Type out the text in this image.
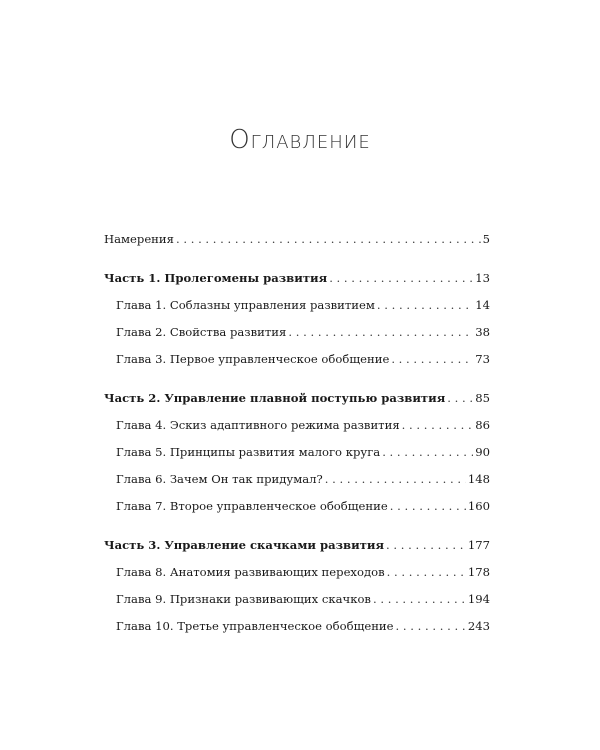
Оглавление
Намерения . . .	5
Часть 1. Пролегомены развития . . .	13
Глава 1. Соблазны управления развитием . . .	14
Глава 2. Свойства развития . . .	38
Глава 3. Первое управленческое обобщение . . .	73
Часть 2. Управление плавной поступью развития . . .	85
Глава 4. Эскиз адаптивного режима развития . . .	86
Глава 5. Принципы развития малого круга . . .	90
Глава 6. Зачем Он так придумал? . . .	148
Глава 7. Второе управленческое обобщение . . .	160
Часть 3. Управление скачками развития . . .	177
Глава 8. Анатомия развивающих переходов . . .	178
Глава 9. Признаки развивающих скачков . . .	194
Глава 10. Третье управленческое обобщение . . .	243
